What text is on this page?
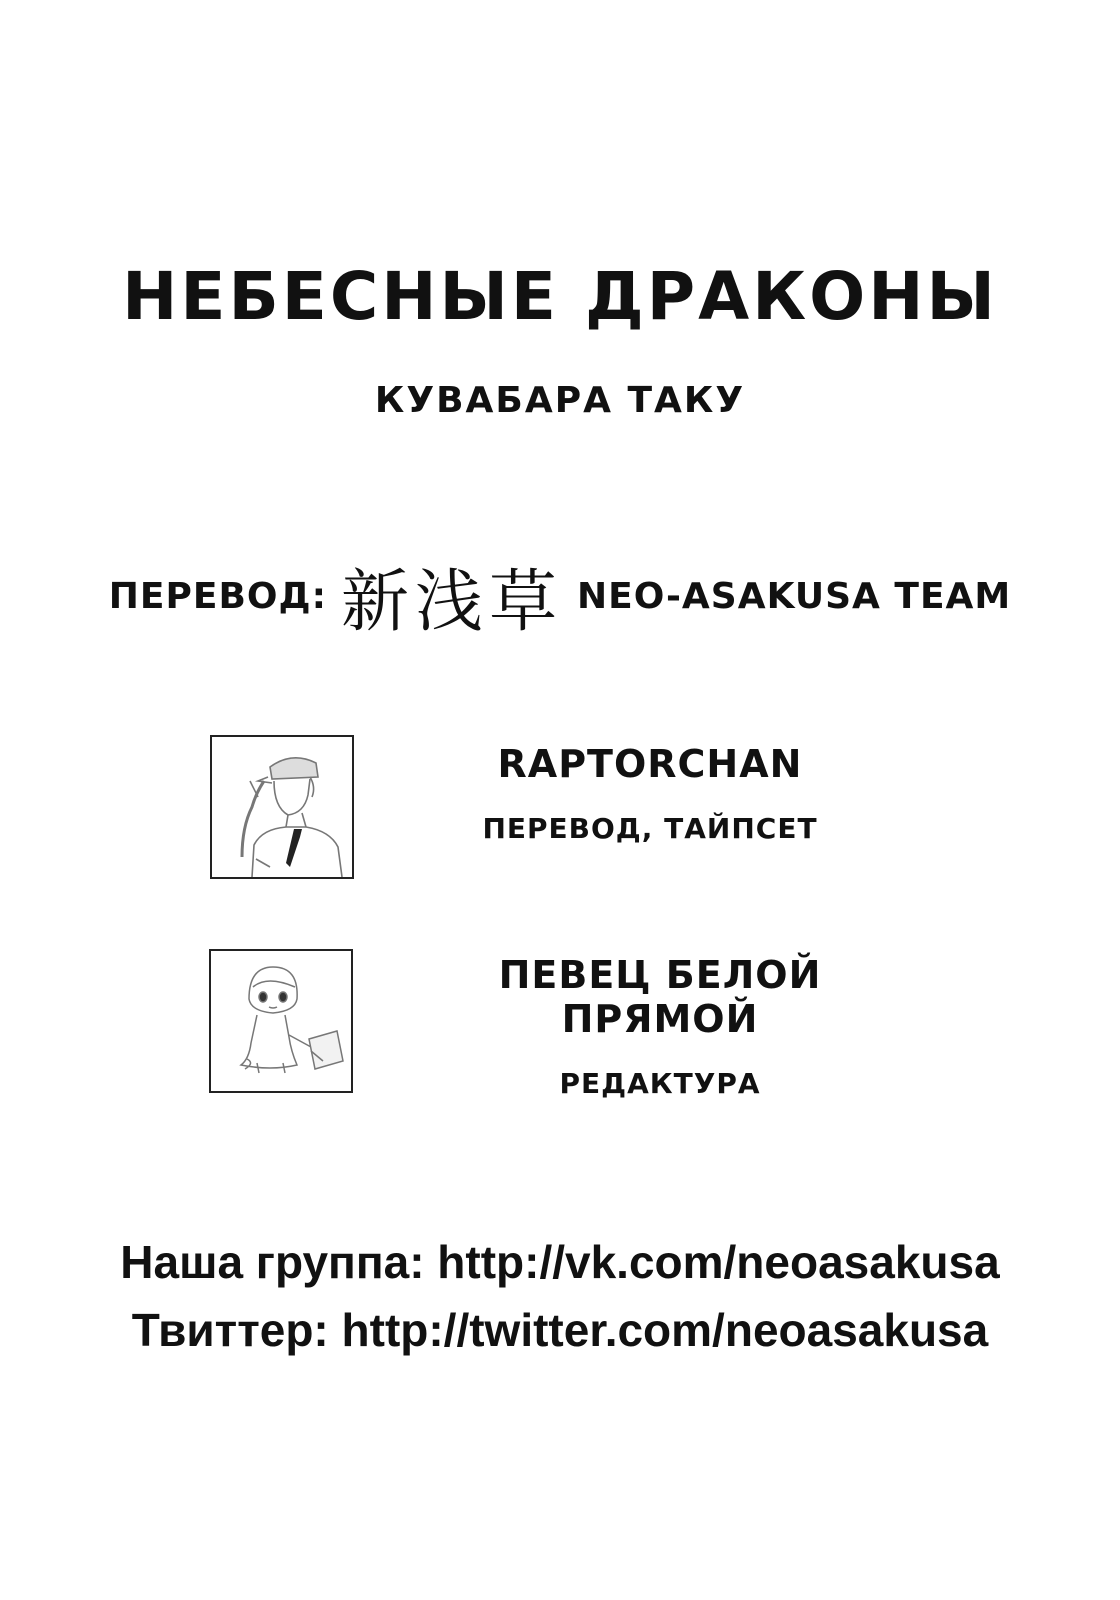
НЕБЕСНЫЕ ДРАКОНЫ
КУВАБАРА ТАКУ
ПЕРЕВОД: 新浅草 NEO-ASAKUSA TEAM
RAPTORCHAN
ПЕРЕВОД, ТАЙПСЕТ
ПЕВЕЦ БЕЛОЙ ПРЯМОЙ
РЕДАКТУРА
Наша группа: http://vk.com/neoasakusa
Твиттер: http://twitter.com/neoasakusa
